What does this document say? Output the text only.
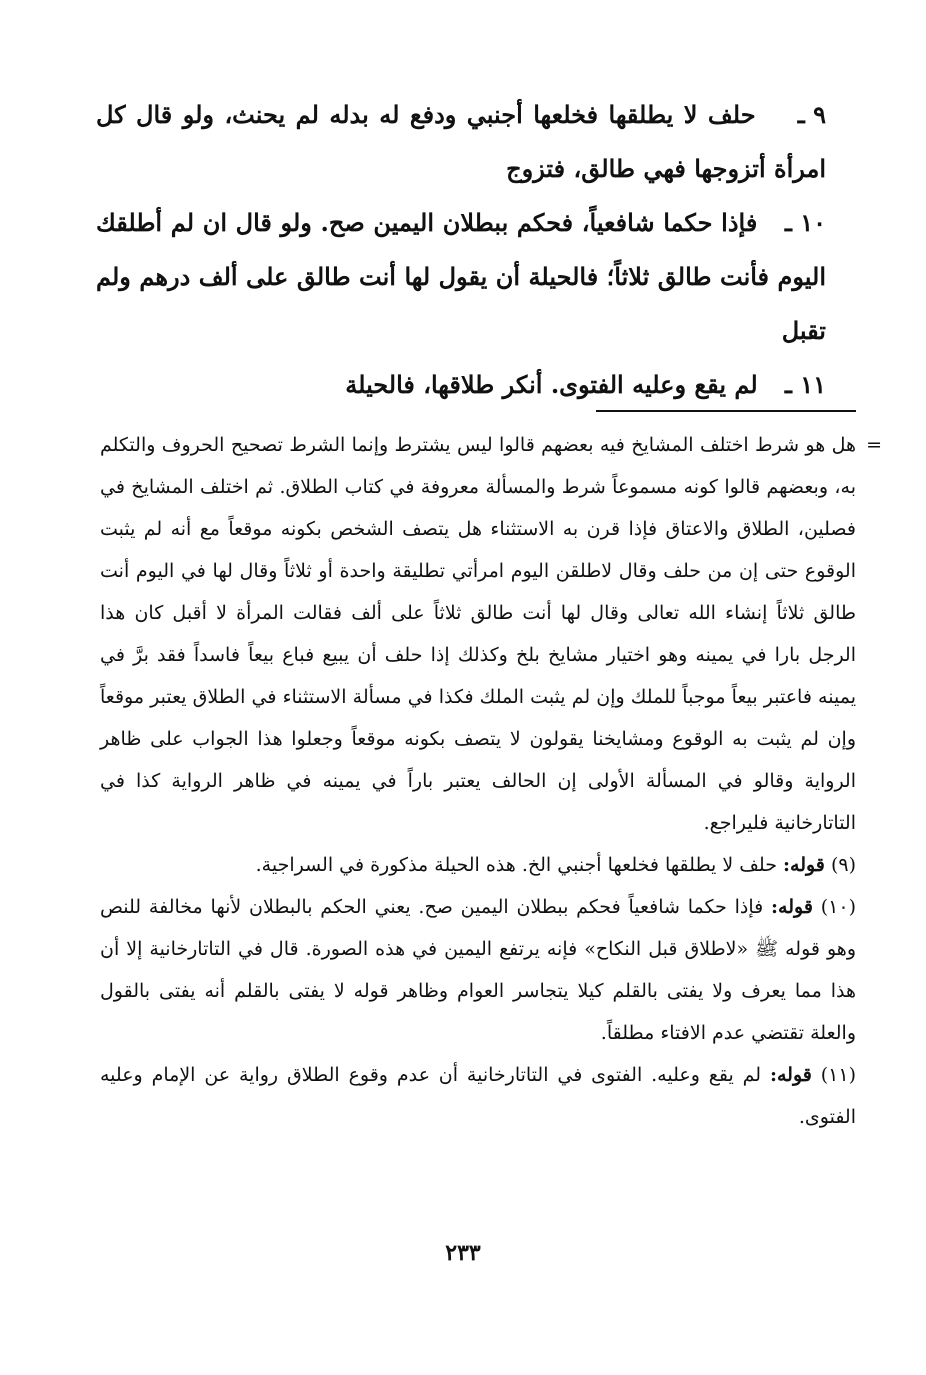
٩ ـ حلف لا يطلقها فخلعها أجنبي ودفع له بدله لم يحنث، ولو قال كل امرأة أتزوجها فهي طالق، فتزوج

١٠ ـ فإذا حكما شافعياً، فحكم ببطلان اليمين صح. ولو قال ان لم أطلقك اليوم فأنت طالق ثلاثاً؛ فالحيلة أن يقول لها أنت طالق على ألف درهم ولم تقبل

١١ ـ لم يقع وعليه الفتوى. أنكر طلاقها، فالحيلة

=

هل هو شرط اختلف المشايخ فيه بعضهم قالوا ليس يشترط وإنما الشرط تصحيح الحروف والتكلم به، وبعضهم قالوا كونه مسموعاً شرط والمسألة معروفة في كتاب الطلاق. ثم اختلف المشايخ في فصلين، الطلاق والاعتاق فإذا قرن به الاستثناء هل يتصف الشخص بكونه موقعاً مع أنه لم يثبت الوقوع حتى إن من حلف وقال لاطلقن اليوم امرأتي تطليقة واحدة أو ثلاثاً وقال لها في اليوم أنت طالق ثلاثاً إنشاء الله تعالى وقال لها أنت طالق ثلاثاً على ألف فقالت المرأة لا أقبل كان هذا الرجل بارا في يمينه وهو اختيار مشايخ بلخ وكذلك إذا حلف أن يبيع فباع بيعاً فاسداً فقد برَّ في يمينه فاعتبر بيعاً موجباً للملك وإن لم يثبت الملك فكذا في مسألة الاستثناء في الطلاق يعتبر موقعاً وإن لم يثبت به الوقوع ومشايخنا يقولون لا يتصف بكونه موقعاً وجعلوا هذا الجواب على ظاهر الرواية وقالو في المسألة الأولى إن الحالف يعتبر باراً في يمينه في ظاهر الرواية كذا في التاتارخانية فليراجع.

(٩) قوله: حلف لا يطلقها فخلعها أجنبي الخ. هذه الحيلة مذكورة في السراجية.

(١٠) قوله: فإذا حكما شافعياً فحكم ببطلان اليمين صح. يعني الحكم بالبطلان لأنها مخالفة للنص وهو قوله ﷺ «لاطلاق قبل النكاح» فإنه يرتفع اليمين في هذه الصورة. قال في التاتارخانية إلا أن هذا مما يعرف ولا يفتى بالقلم كيلا يتجاسر العوام وظاهر قوله لا يفتى بالقلم أنه يفتى بالقول والعلة تقتضي عدم الافتاء مطلقاً.

(١١) قوله: لم يقع وعليه. الفتوى في التاتارخانية أن عدم وقوع الطلاق رواية عن الإمام وعليه الفتوى.

٢٣٣
